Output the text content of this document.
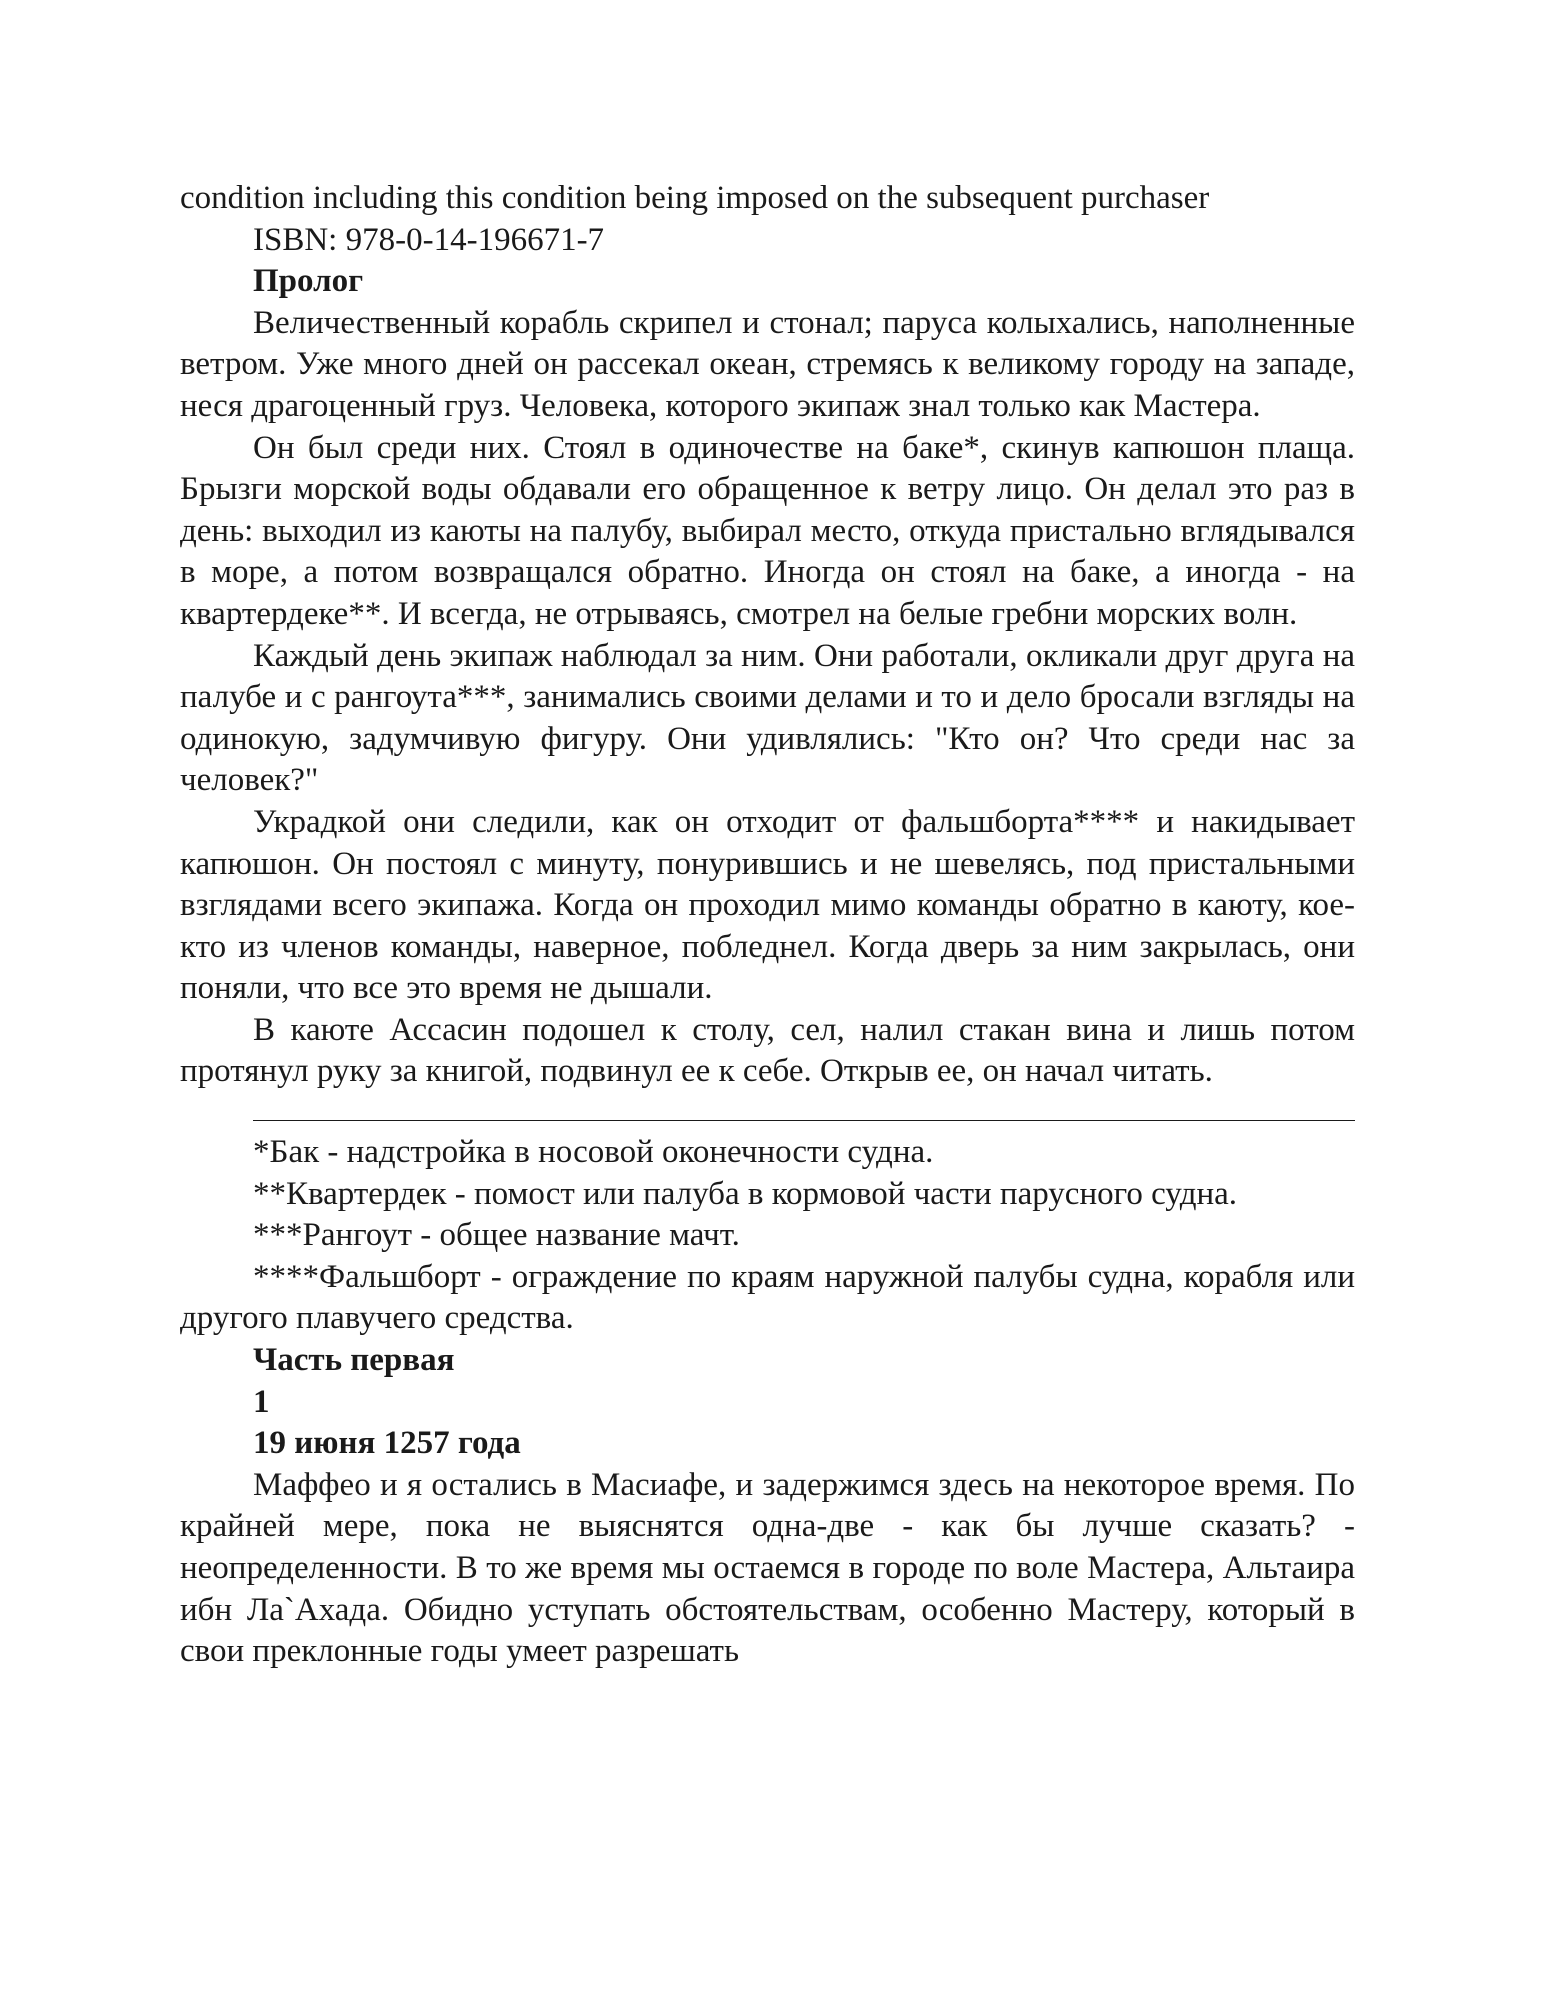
condition including this condition being imposed on the subsequent purchaser

ISBN: 978-0-14-196671-7

Пролог

Величественный корабль скрипел и стонал; паруса колыхались, наполненные ветром. Уже много дней он рассекал океан, стремясь к великому городу на западе, неся драгоценный груз. Человека, которого экипаж знал только как Мастера.

Он был среди них. Стоял в одиночестве на баке*, скинув капюшон плаща. Брызги морской воды обдавали его обращенное к ветру лицо. Он делал это раз в день: выходил из каюты на палубу, выбирал место, откуда пристально вглядывался в море, а потом возвращался обратно. Иногда он стоял на баке, а иногда - на квартердеке**. И всегда, не отрываясь, смотрел на белые гребни морских волн.

Каждый день экипаж наблюдал за ним. Они работали, окликали друг друга на палубе и с рангоута***, занимались своими делами и то и дело бросали взгляды на одинокую, задумчивую фигуру. Они удивлялись: "Кто он? Что среди нас за человек?"

Украдкой они следили, как он отходит от фальшборта**** и накидывает капюшон. Он постоял с минуту, понурившись и не шевелясь, под пристальными взглядами всего экипажа. Когда он проходил мимо команды обратно в каюту, кое-кто из членов команды, наверное, побледнел. Когда дверь за ним закрылась, они поняли, что все это время не дышали.

В каюте Ассасин подошел к столу, сел, налил стакан вина и лишь потом протянул руку за книгой, подвинул ее к себе. Открыв ее, он начал читать.

*Бак - надстройка в носовой оконечности судна.

**Квартердек - помост или палуба в кормовой части парусного судна.

***Рангоут - общее название мачт.

****Фальшборт - ограждение по краям наружной палубы судна, корабля или другого плавучего средства.

Часть первая

1

19 июня 1257 года

Маффео и я остались в Масиафе, и задержимся здесь на некоторое время. По крайней мере, пока не выяснятся одна-две - как бы лучше сказать? - неопределенности. В то же время мы остаемся в городе по воле Мастера, Альтаира ибн Ла`Ахада. Обидно уступать обстоятельствам, особенно Мастеру, который в свои преклонные годы умеет разрешать
